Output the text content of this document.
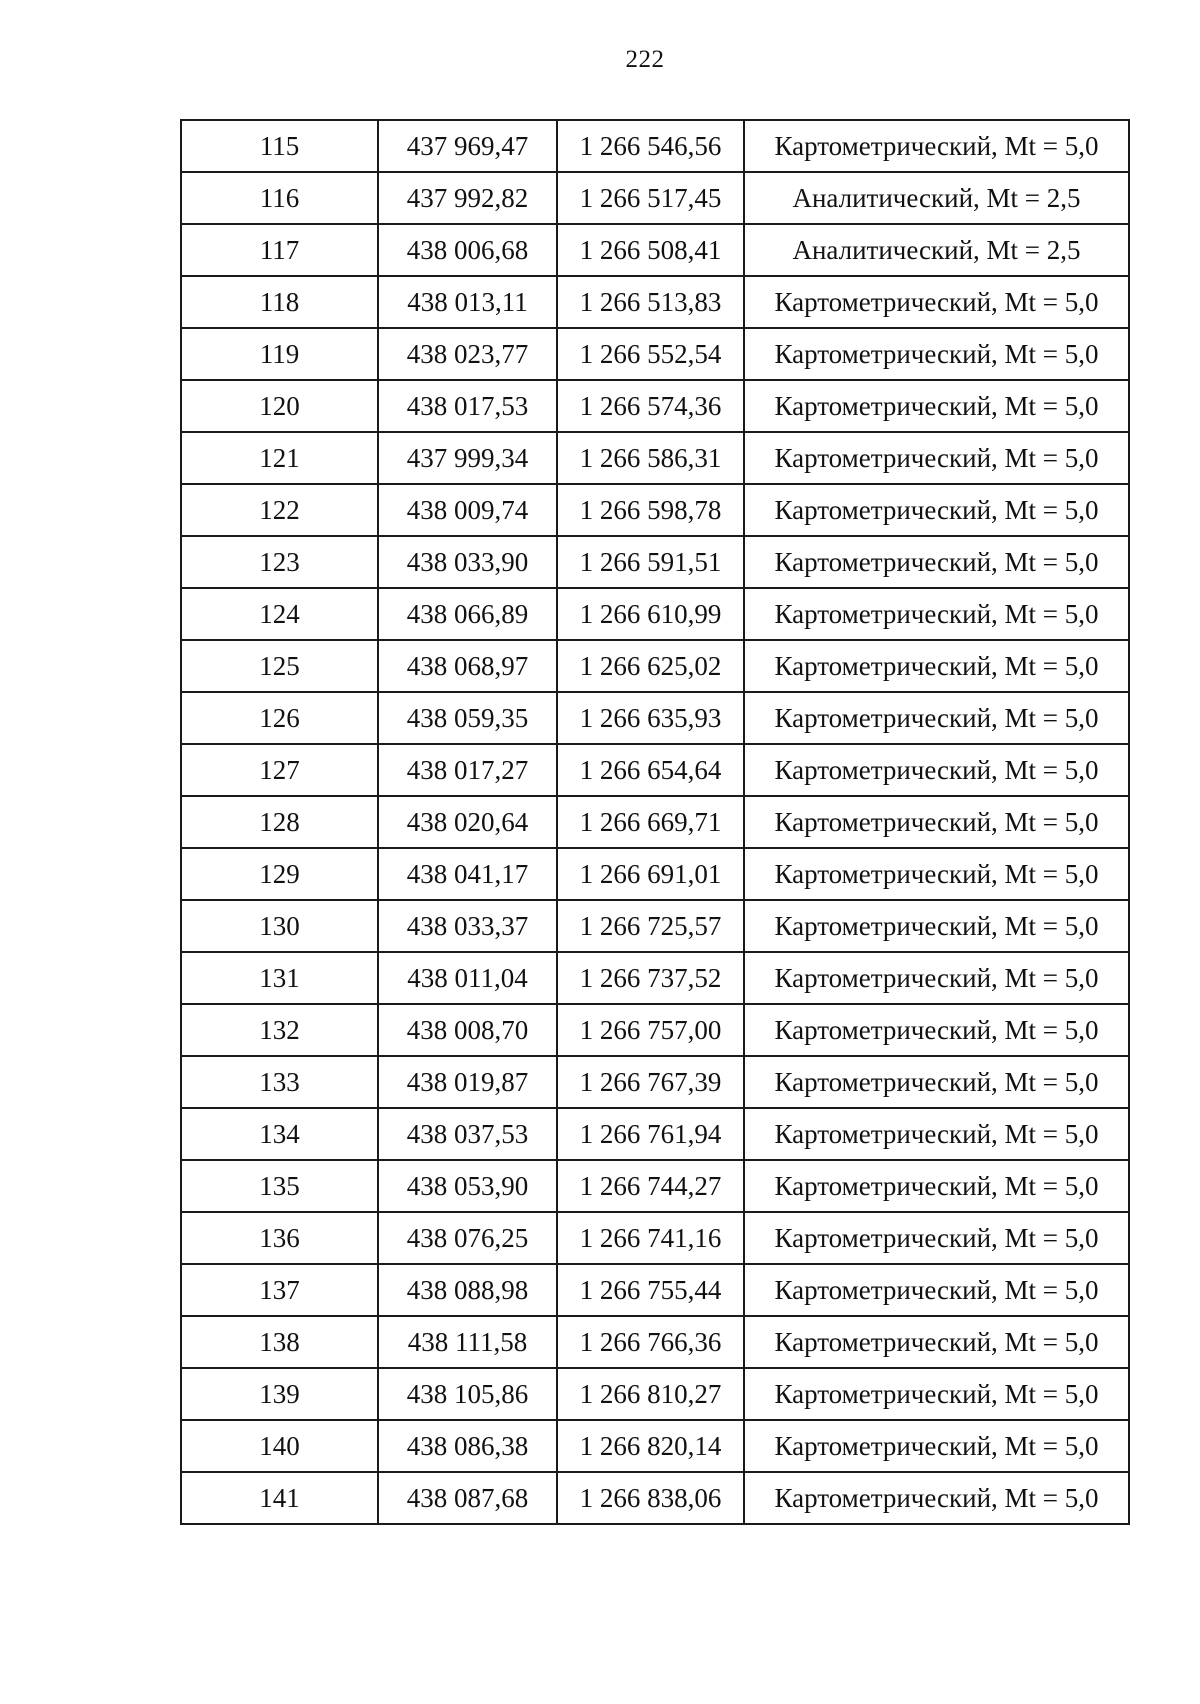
222
115	437 969,47	1 266 546,56	Картометрический, Mt = 5,0
116	437 992,82	1 266 517,45	Аналитический, Mt = 2,5
117	438 006,68	1 266 508,41	Аналитический, Mt = 2,5
118	438 013,11	1 266 513,83	Картометрический, Mt = 5,0
119	438 023,77	1 266 552,54	Картометрический, Mt = 5,0
120	438 017,53	1 266 574,36	Картометрический, Mt = 5,0
121	437 999,34	1 266 586,31	Картометрический, Mt = 5,0
122	438 009,74	1 266 598,78	Картометрический, Mt = 5,0
123	438 033,90	1 266 591,51	Картометрический, Mt = 5,0
124	438 066,89	1 266 610,99	Картометрический, Mt = 5,0
125	438 068,97	1 266 625,02	Картометрический, Mt = 5,0
126	438 059,35	1 266 635,93	Картометрический, Mt = 5,0
127	438 017,27	1 266 654,64	Картометрический, Mt = 5,0
128	438 020,64	1 266 669,71	Картометрический, Mt = 5,0
129	438 041,17	1 266 691,01	Картометрический, Mt = 5,0
130	438 033,37	1 266 725,57	Картометрический, Mt = 5,0
131	438 011,04	1 266 737,52	Картометрический, Mt = 5,0
132	438 008,70	1 266 757,00	Картометрический, Mt = 5,0
133	438 019,87	1 266 767,39	Картометрический, Mt = 5,0
134	438 037,53	1 266 761,94	Картометрический, Mt = 5,0
135	438 053,90	1 266 744,27	Картометрический, Mt = 5,0
136	438 076,25	1 266 741,16	Картометрический, Mt = 5,0
137	438 088,98	1 266 755,44	Картометрический, Mt = 5,0
138	438 111,58	1 266 766,36	Картометрический, Mt = 5,0
139	438 105,86	1 266 810,27	Картометрический, Mt = 5,0
140	438 086,38	1 266 820,14	Картометрический, Mt = 5,0
141	438 087,68	1 266 838,06	Картометрический, Mt = 5,0
